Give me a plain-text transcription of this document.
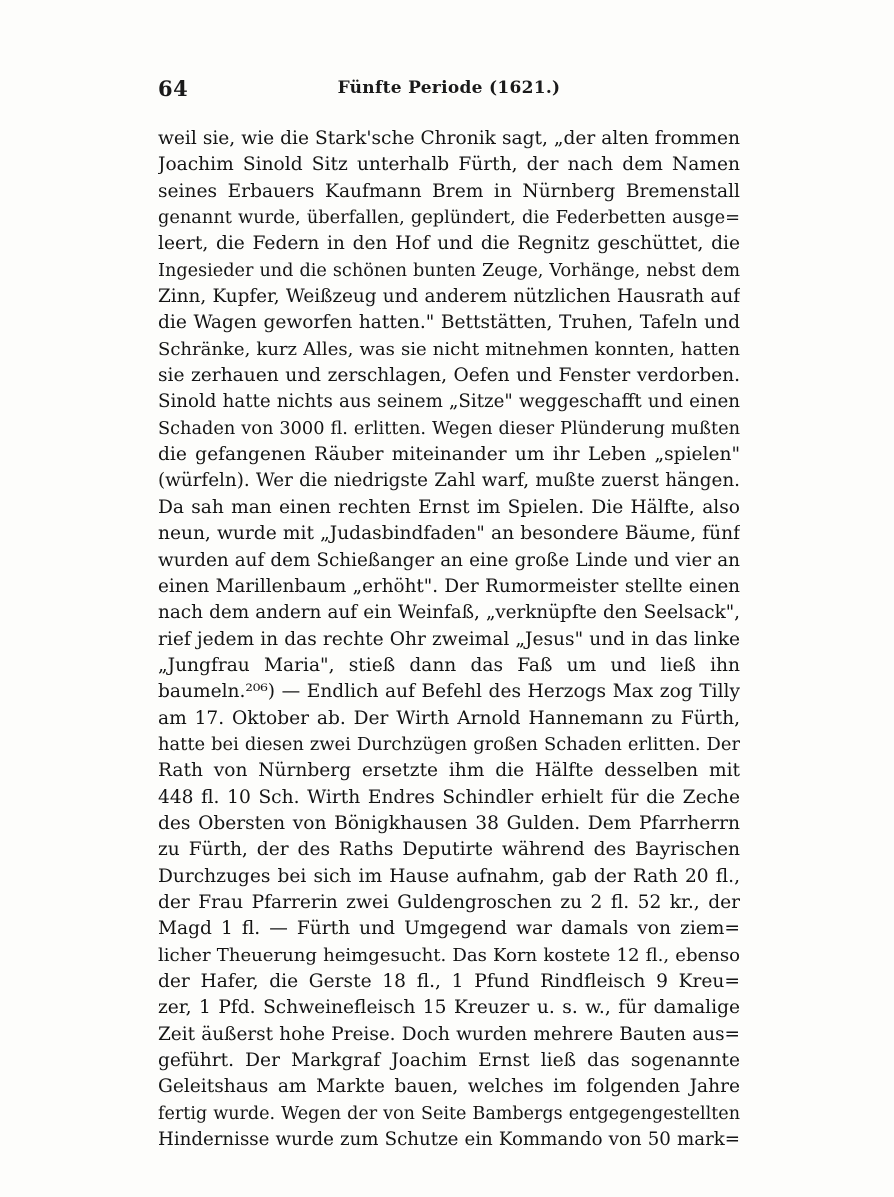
64	Fünfte Periode (1621.)
weil sie, wie die Stark'sche Chronik sagt, „der alten frommen
Joachim Sinold Sitz unterhalb Fürth, der nach dem Namen
seines Erbauers Kaufmann Brem in Nürnberg Bremenstall
genannt wurde, überfallen, geplündert, die Federbetten ausge=
leert, die Federn in den Hof und die Regnitz geschüttet, die
Ingesieder und die schönen bunten Zeuge, Vorhänge, nebst dem
Zinn, Kupfer, Weißzeug und anderem nützlichen Hausrath auf
die Wagen geworfen hatten." Bettstätten, Truhen, Tafeln und
Schränke, kurz Alles, was sie nicht mitnehmen konnten, hatten
sie zerhauen und zerschlagen, Oefen und Fenster verdorben.
Sinold hatte nichts aus seinem „Sitze" weggeschafft und einen
Schaden von 3000 fl. erlitten. Wegen dieser Plünderung mußten
die gefangenen Räuber miteinander um ihr Leben „spielen"
(würfeln). Wer die niedrigste Zahl warf, mußte zuerst hängen.
Da sah man einen rechten Ernst im Spielen. Die Hälfte, also
neun, wurde mit „Judasbindfaden" an besondere Bäume, fünf
wurden auf dem Schießanger an eine große Linde und vier an
einen Marillenbaum „erhöht". Der Rumormeister stellte einen
nach dem andern auf ein Weinfaß, „verknüpfte den Seelsack",
rief jedem in das rechte Ohr zweimal „Jesus" und in das linke
„Jungfrau Maria", stieß dann das Faß um und ließ ihn
baumeln.²⁰⁶) — Endlich auf Befehl des Herzogs Max zog Tilly
am 17. Oktober ab. Der Wirth Arnold Hannemann zu Fürth,
hatte bei diesen zwei Durchzügen großen Schaden erlitten. Der
Rath von Nürnberg ersetzte ihm die Hälfte desselben mit
448 fl. 10 Sch. Wirth Endres Schindler erhielt für die Zeche
des Obersten von Bönigkhausen 38 Gulden. Dem Pfarrherrn
zu Fürth, der des Raths Deputirte während des Bayrischen
Durchzuges bei sich im Hause aufnahm, gab der Rath 20 fl.,
der Frau Pfarrerin zwei Guldengroschen zu 2 fl. 52 kr., der
Magd 1 fl. — Fürth und Umgegend war damals von ziem=
licher Theuerung heimgesucht. Das Korn kostete 12 fl., ebenso
der Hafer, die Gerste 18 fl., 1 Pfund Rindfleisch 9 Kreu=
zer, 1 Pfd. Schweinefleisch 15 Kreuzer u. s. w., für damalige
Zeit äußerst hohe Preise. Doch wurden mehrere Bauten aus=
geführt. Der Markgraf Joachim Ernst ließ das sogenannte
Geleitshaus am Markte bauen, welches im folgenden Jahre
fertig wurde. Wegen der von Seite Bambergs entgegengestellten
Hindernisse wurde zum Schutze ein Kommando von 50 mark=
